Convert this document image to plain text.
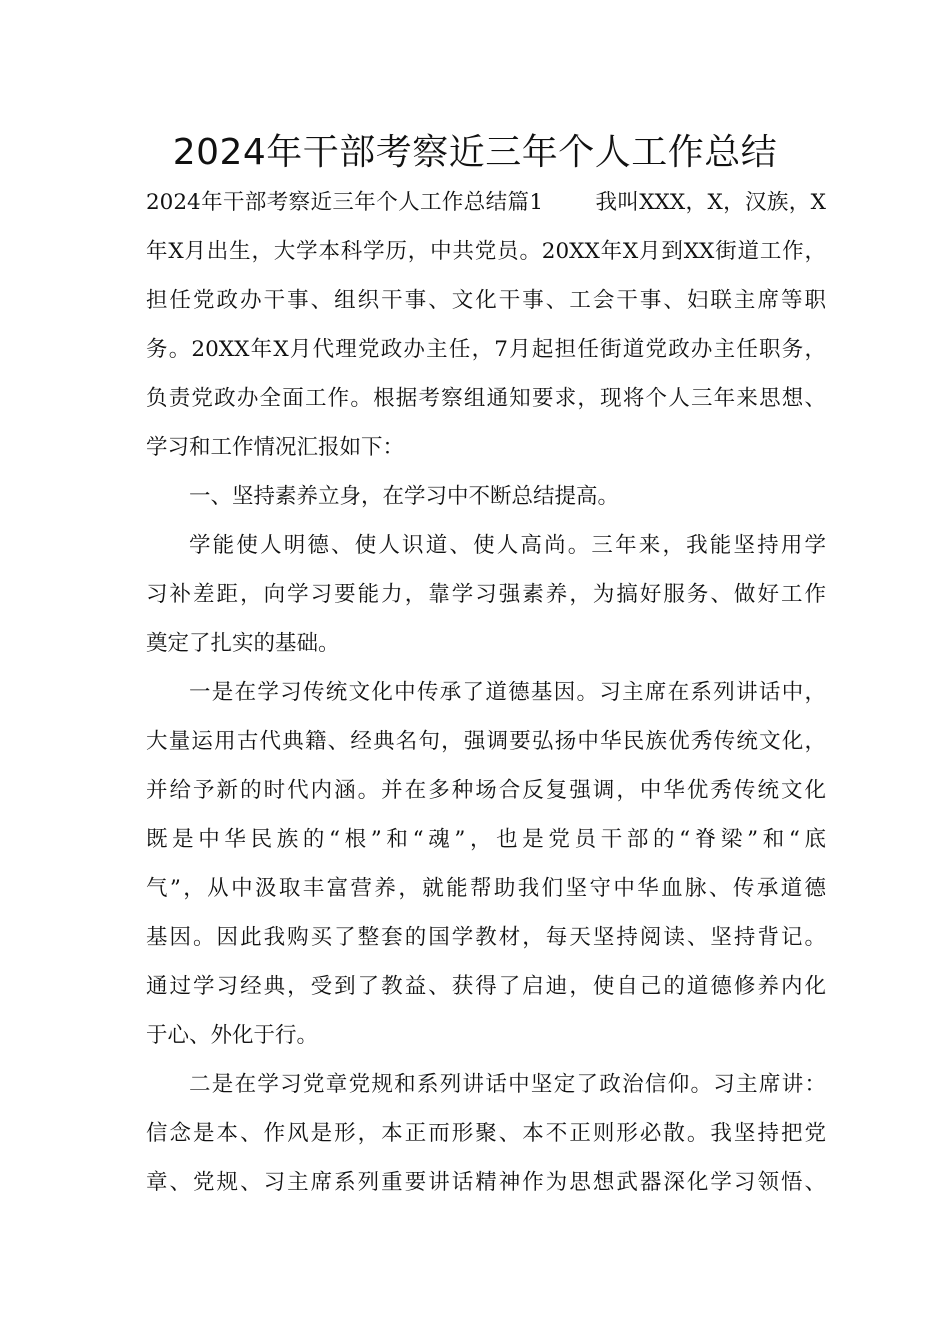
2024年干部考察近三年个人工作总结
2024年干部考察近三年个人工作总结篇1 我叫XXX，X，汉族，X
年X月出生，大学本科学历，中共党员。20XX年X月到XX街道工作，
担任党政办干事、组织干事、文化干事、工会干事、妇联主席等职
务。20XX年X月代理党政办主任，7月起担任街道党政办主任职务，
负责党政办全面工作。根据考察组通知要求，现将个人三年来思想、
学习和工作情况汇报如下：
一、坚持素养立身，在学习中不断总结提高。
学能使人明德、使人识道、使人高尚。三年来，我能坚持用学
习补差距，向学习要能力，靠学习强素养，为搞好服务、做好工作
奠定了扎实的基础。
一是在学习传统文化中传承了道德基因。习主席在系列讲话中，
大量运用古代典籍、经典名句，强调要弘扬中华民族优秀传统文化，
并给予新的时代内涵。并在多种场合反复强调，中华优秀传统文化
既是中华民族的“根”和“魂”，也是党员干部的“脊梁”和“底
气”，从中汲取丰富营养，就能帮助我们坚守中华血脉、传承道德
基因。因此我购买了整套的国学教材，每天坚持阅读、坚持背记。
通过学习经典，受到了教益、获得了启迪，使自己的道德修养内化
于心、外化于行。
二是在学习党章党规和系列讲话中坚定了政治信仰。习主席讲：
信念是本、作风是形，本正而形聚、本不正则形必散。我坚持把党
章、党规、习主席系列重要讲话精神作为思想武器深化学习领悟、
